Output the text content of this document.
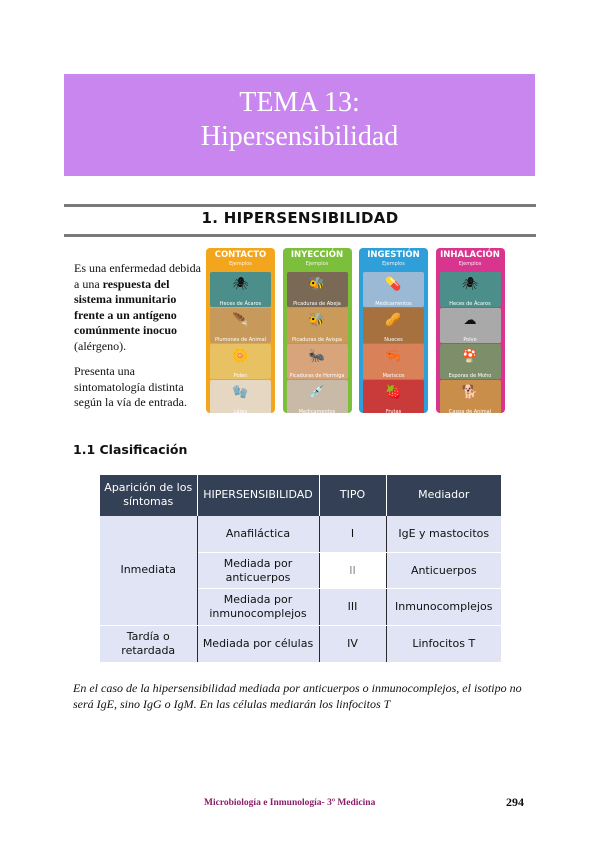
TEMA 13:
Hipersensibilidad
1. HIPERSENSIBILIDAD

Es una enfermedad debida a una respuesta del sistema inmunitario frente a un antígeno comúnmente inocuo (alérgeno).

Presenta una sintomatología distinta según la vía de entrada.

CONTACTO
Ejemplos
🕷
Heces de Ácaros
🪶
Plumones de Animal
🌼
Polen
🧤
Látex
INYECCIÓN
Ejemplos
🐝
Picaduras de Abeja
🐝
Picaduras de Avispa
🐜
Picaduras de Hormiga
💉
Medicamentos
INGESTIÓN
Ejemplos
💊
Medicamentos
🥜
Nueces
🦐
Mariscos
🍓
Frutas
INHALACIÓN
Ejemplos
🕷
Heces de Ácaros
☁
Polvo
🍄
Esporas de Moho
🐕
Caspa de Animal
1.1 Clasificación
Aparición de los síntomas	HIPERSENSIBILIDAD	TIPO	Mediador
Inmediata	Anafiláctica	I	IgE y mastocitos
	Mediada por anticuerpos	II	Anticuerpos
	Mediada por inmunocomplejos	III	Inmunocomplejos
Tardía o retardada	Mediada por células	IV	Linfocitos T
En el caso de la hipersensibilidad mediada por anticuerpos o inmunocomplejos, el isotipo no será IgE, sino IgG o IgM. En las células mediarán los linfocitos T
Microbiología e Inmunología- 3º Medicina	294
